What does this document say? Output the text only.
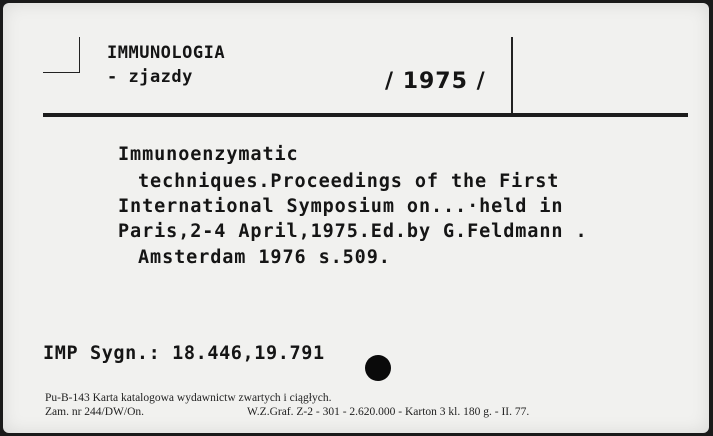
IMMUNOLOGIA
- zjazdy	/ 1975 /
Immunoenzymatic
techniques.Proceedings of the First
International Symposium on...·held in
Paris,2-4 April,1975.Ed.by G.Feldmann .
Amsterdam 1976 s.509.
IMP Sygn.: 18.446,19.791
Pu-B-143 Karta katalogowa wydawnictw zwartych i ciągłych.
Zam. nr 244/DW/On.	W.Z.Graf. Z-2 - 301 - 2.620.000 - Karton 3 kl. 180 g. - II. 77.
